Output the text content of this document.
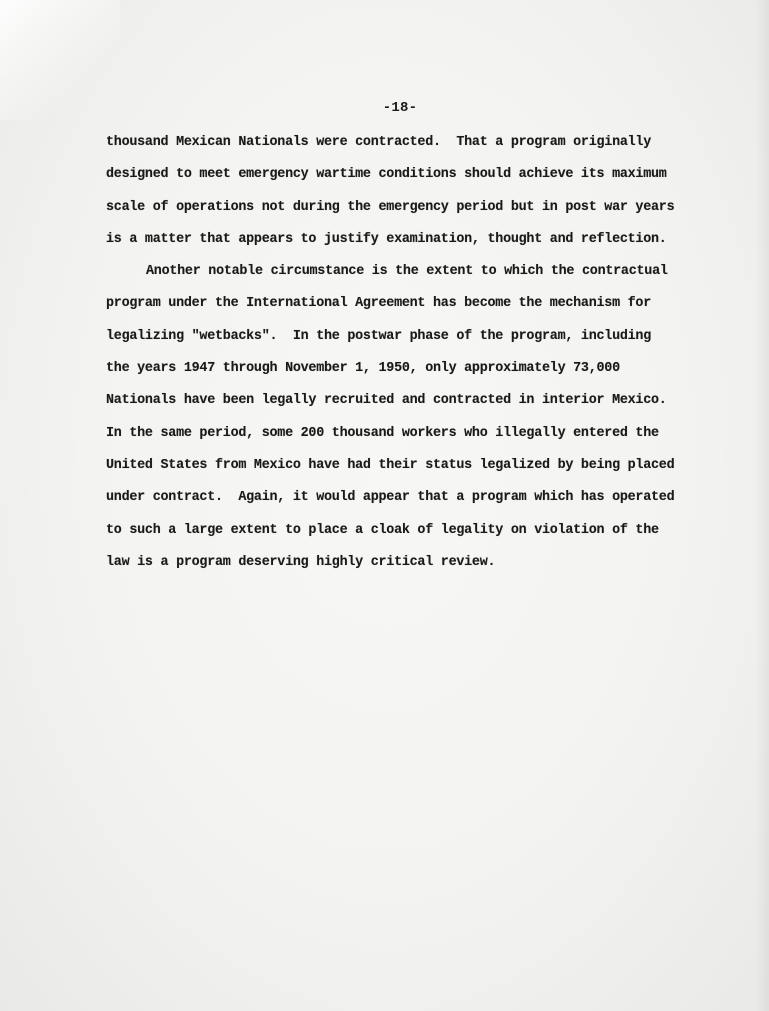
-18-
thousand Mexican Nationals were contracted.  That a program originally
designed to meet emergency wartime conditions should achieve its maximum
scale of operations not during the emergency period but in post war years
is a matter that appears to justify examination, thought and reflection.
Another notable circumstance is the extent to which the contractual
program under the International Agreement has become the mechanism for
legalizing "wetbacks".  In the postwar phase of the program, including
the years 1947 through November 1, 1950, only approximately 73,000
Nationals have been legally recruited and contracted in interior Mexico.
In the same period, some 200 thousand workers who illegally entered the
United States from Mexico have had their status legalized by being placed
under contract.  Again, it would appear that a program which has operated
to such a large extent to place a cloak of legality on violation of the
law is a program deserving highly critical review.
